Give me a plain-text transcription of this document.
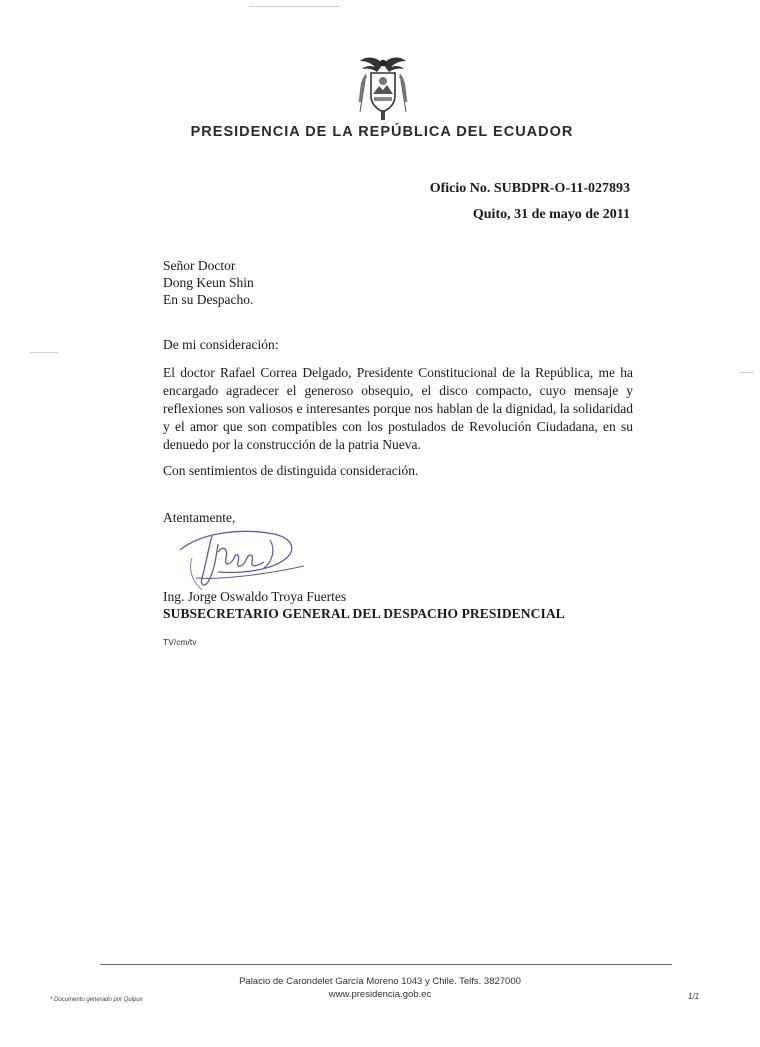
PRESIDENCIA DE LA REPÚBLICA DEL ECUADOR
Oficio No. SUBDPR-O-11-027893
Quito, 31 de mayo de 2011
Señor Doctor
Dong Keun Shin
En su Despacho.
De mi consideración:
El doctor Rafael Correa Delgado, Presidente Constitucional de la República, me ha encargado agradecer el generoso obsequio, el disco compacto, cuyo mensaje y reflexiones son valiosos e interesantes porque nos hablan de la dignidad, la solidaridad y el amor que son compatibles con los postulados de Revolución Ciudadana, en su denuedo por la construcción de la patria Nueva.
Con sentimientos de distinguida consideración.
Atentamente,
Ing. Jorge Oswaldo Troya Fuertes
SUBSECRETARIO GENERAL DEL DESPACHO PRESIDENCIAL
TV/cm/tv
Palacio de Carondelet García Moreno 1043 y Chile. Telfs. 3827000
www.presidencia.gob.ec
* Documento generado por Quipux	1/1
